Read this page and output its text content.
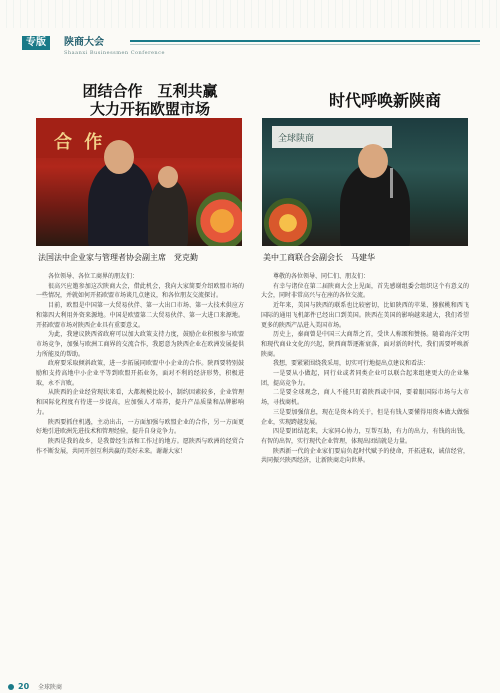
专版	陕商大会
Shaanxi Businessmen Conference
团结合作　互利共赢
大力开拓欧盟市场
合 作
法国法中企业家与管理者协会副主席　党克勤

各位领导、各位工商界的朋友们：

很高兴应邀参加这次陕商大会，借此机会，我向大家简要介绍欧盟市场的一些情况，并就如何开拓欧盟市场谈几点建议，和各位朋友交流探讨。

目前，欧盟是中国第一大贸易伙伴、第一大出口市场、第一大技术供应方和第四大利用外资来源地。中国是欧盟第二大贸易伙伴、第一大进口来源地。开拓欧盟市场对陕西企业具有重要意义。

为此，我建议陕西省政府可以加大政策支持力度，鼓励企业积极参与欧盟市场竞争，加强与欧洲工商界的交流合作，我愿意为陕西企业在欧洲发展提供力所能及的帮助。

政府要采取倾斜政策，进一步拓展同欧盟中小企业的合作。陕西要特别鼓励和支持高地中小企业平等到欧盟开拓业务，面对不利的经济形势，积极进取，永不言败。

从陕西的企业经营现状来看，大都规模比较小，制约因素较多，企业管理和国际化程度有待进一步提高，应加强人才培养，提升产品质量和品牌影响力。

陕西要抓住机遇，主动出击，一方面加强与欧盟企业的合作，另一方面更好地引进欧洲先进技术和管理经验，提升自身竞争力。

陕西是我的故乡，是我曾经生活和工作过的地方。愿陕西与欧洲的经贸合作不断发展，共同开创互利共赢的美好未来。谢谢大家！

时代呼唤新陕商
全球陕商
美中工商联合会副会长　马建华

尊敬的各位领导、同仁们、朋友们：

有幸与诸位在第二届陕商大会上见面，首先感谢组委会组织这个有意义的大会，同时非常高兴与在座的各位交流。

近年来，美国与陕西的联系也比较密切，比如陕西的苹果、猕猴桃和西飞国际的通用飞机部件已经出口到美国。陕西在美国的影响越来越大，我们希望更多的陕西产品进入美国市场。

历史上，秦商曾是中国三大商帮之首，受世人称颂和赞扬。随着海洋文明和现代商业文化的兴起，陕西商帮逐渐衰落，面对新的时代，我们需要呼唤新陕商。

我想，要紧紧围绕我采用，切实可行地提出点建议和看法：

一是要从小做起，同行业或者同类企业可以联合起来组建更大的企业集团，提高竞争力。

二是要全球观念，商人不能只盯着陕西或中国，要着眼国际市场与大市场，寻找商机。

三是要加强信息，现在是资本的关于，但是有钱人要懂得用资本做大做强企业，实现跨越发展。

四是要团结起来，大家同心协力，互帮互助，有力的出力，有钱的出钱，有智的出智，实行现代企业管理，体现出团结就是力量。

陕西新一代的企业家们要肩负起时代赋予的使命，开拓进取，诚信经营，共同振兴陕西经济，让新陕商走向世界。

20 全球陕商
